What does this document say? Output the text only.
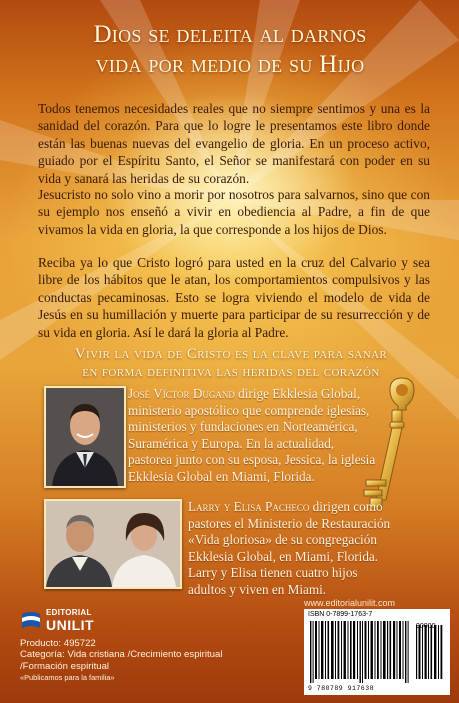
Dios se deleita al darnos
vida por medio de su Hijo
Todos tenemos necesidades reales que no siempre sentimos y una es la sanidad del corazón. Para que lo logre le presentamos este libro donde están las buenas nuevas del evangelio de gloria. En un proceso activo, guiado por el Espíritu Santo, el Señor se manifestará con poder en su vida y sanará las heridas de su corazón.
Jesucristo no solo vino a morir por nosotros para salvarnos, sino que con su ejemplo nos enseñó a vivir en obediencia al Padre, a fin de que vivamos la vida en gloria, la que corresponde a los hijos de Dios.
Reciba ya lo que Cristo logró para usted en la cruz del Calvario y sea libre de los hábitos que le atan, los comportamientos compulsivos y las conductas pecaminosas. Esto se logra viviendo el modelo de vida de Jesús en su humillación y muerte para participar de su resurrección y de su vida en gloria. Así le dará la gloria al Padre.
Vivir la vida de Cristo es la clave para sanar
en forma definitiva las heridas del corazón
José Víctor Dugand dirige Ekklesia Global, ministerio apostólico que comprende iglesias, ministerios y fundaciones en Norteamérica, Suramérica y Europa. En la actualidad, pastorea junto con su esposa, Jessica, la iglesia Ekklesia Global en Miami, Florida.
Larry y Elisa Pacheco dirigen como pastores el Ministerio de Restauración «Vida gloriosa» de su congregación Ekklesia Global, en Miami, Florida. Larry y Elisa tienen cuatro hijos adultos y viven en Miami.
EDITORIAL
UNILIT
Producto: 495722
Categoría: Vida cristiana /Crecimiento espiritual
/Formación espiritual
«Publicamos para la familia»
www.editorialunilit.com
ISBN 0-7899-1763-7
9 780789 917638
